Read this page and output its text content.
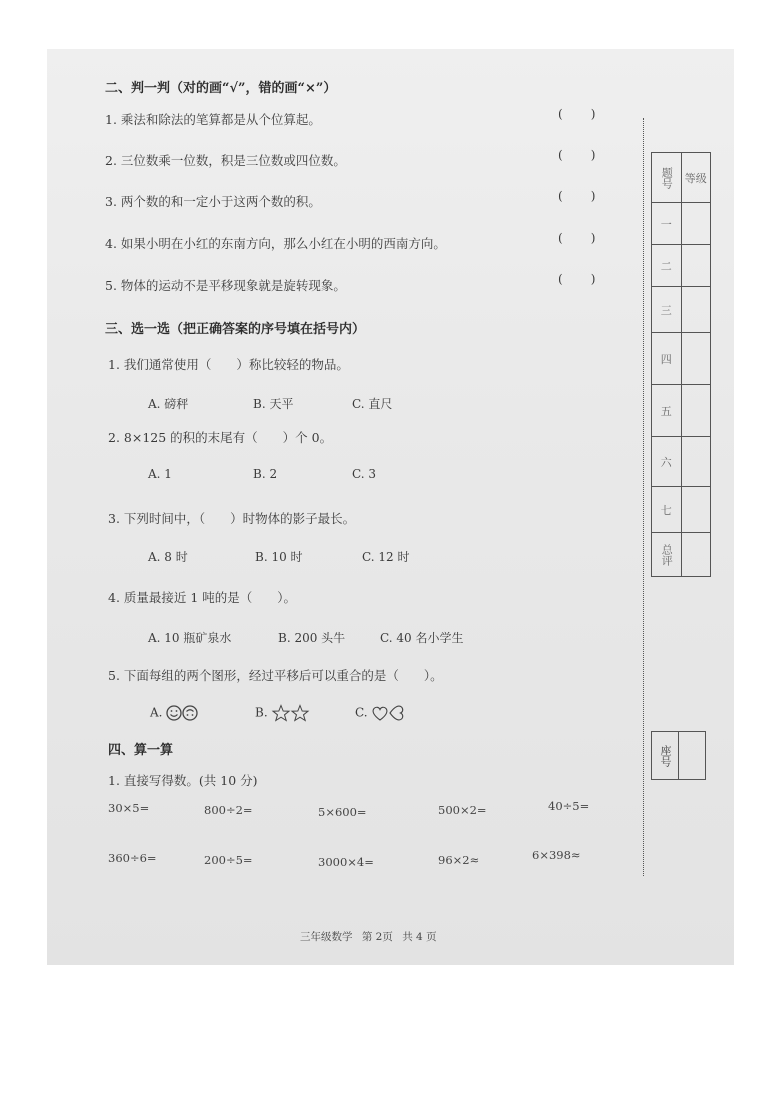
二、判一判（对的画“√”，错的画“×”）
1. 乘法和除法的笔算都是从个位算起。	( )
2. 三位数乘一位数，积是三位数或四位数。	( )
3. 两个数的和一定小于这两个数的积。	( )
4. 如果小明在小红的东南方向，那么小红在小明的西南方向。	( )
5. 物体的运动不是平移现象就是旋转现象。	( )
三、选一选（把正确答案的序号填在括号内）
1. 我们通常使用（　　）称比较轻的物品。
A. 磅秤	B. 天平	C. 直尺
2. 8×125 的积的末尾有（　　）个 0。
A. 1	B. 2	C. 3
3. 下列时间中，（　　）时物体的影子最长。
A. 8 时	B. 10 时	C. 12 时
4. 质量最接近 1 吨的是（　　）。
A. 10 瓶矿泉水	B. 200 头牛	C. 40 名小学生
5. 下面每组的两个图形，经过平移后可以重合的是（　　）。
A.	B.	C.
四、算一算
1. 直接写得数。(共 10 分)
30×5=	800÷2=	5×600=	500×2=	40÷5=
360÷6=	200÷5=	3000×4=	96×2≈	6×398≈
题号	等级
一	
二	
三	
四	
五	
六	
七	
总评	
座号	
三年级数学 第 2页 共 4 页
